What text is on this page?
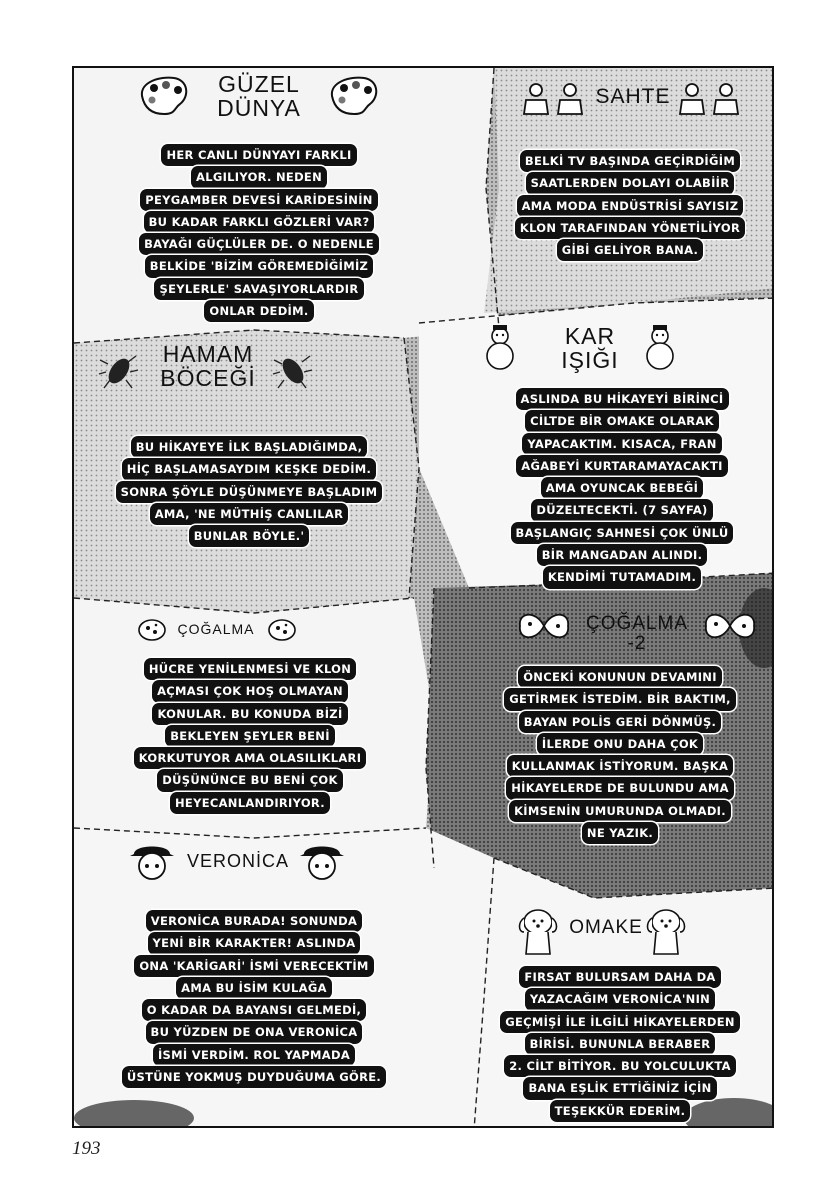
GÜZEL
DÜNYA
HER CANLI DÜNYAYI FARKLI
ALGILIYOR. NEDEN
PEYGAMBER DEVESİ KARİDESİNİN
BU KADAR FARKLI GÖZLERİ VAR?
BAYAĞI GÜÇLÜLER DE. O NEDENLE
BELKİDE 'BİZİM GÖREMEDİĞİMİZ
ŞEYLERLE' SAVAŞIYORLARDIR
ONLAR DEDİM.
SAHTE
BELKİ TV BAŞINDA GEÇİRDİĞİM
SAATLERDEN DOLAYI OLABİİR
AMA MODA ENDÜSTRİSİ SAYISIZ
KLON TARAFINDAN YÖNETİLİYOR
GİBİ GELİYOR BANA.
HAMAM
BÖCEĞİ
BU HİKAYEYE İLK BAŞLADIĞIMDA,
HİÇ BAŞLAMASAYDIM KEŞKE DEDİM.
SONRA ŞÖYLE DÜŞÜNMEYE BAŞLADIM
AMA, 'NE MÜTHİŞ CANLILAR
BUNLAR BÖYLE.'
KAR
IŞIĞI
ASLINDA BU HİKAYEYİ BİRİNCİ
CİLTDE BİR OMAKE OLARAK
YAPACAKTIM. KISACA, FRAN
AĞABEYİ KURTARAMAYACAKTI
AMA OYUNCAK BEBEĞİ
DÜZELTECEKTİ. (7 SAYFA)
BAŞLANGIÇ SAHNESİ ÇOK ÜNLÜ
BİR MANGADAN ALINDI.
KENDİMİ TUTAMADIM.
ÇOĞALMA
HÜCRE YENİLENMESİ VE KLON
AÇMASI ÇOK HOŞ OLMAYAN
KONULAR. BU KONUDA BİZİ
BEKLEYEN ŞEYLER BENİ
KORKUTUYOR AMA OLASILIKLARI
DÜŞÜNÜNCE BU BENİ ÇOK
HEYECANLANDIRIYOR.
ÇOĞALMA
-2
ÖNCEKİ KONUNUN DEVAMINI
GETİRMEK İSTEDİM. BİR BAKTIM,
BAYAN POLİS GERİ DÖNMÜŞ.
İLERDE ONU DAHA ÇOK
KULLANMAK İSTİYORUM. BAŞKA
HİKAYELERDE DE BULUNDU AMA
KİMSENİN UMURUNDA OLMADI.
NE YAZIK.
VERONİCA
VERONİCA BURADA! SONUNDA
YENİ BİR KARAKTER! ASLINDA
ONA 'KARİGARİ' İSMİ VERECEKTİM
AMA BU İSİM KULAĞA
O KADAR DA BAYANSI GELMEDİ,
BU YÜZDEN DE ONA VERONİCA
İSMİ VERDİM. ROL YAPMADA
ÜSTÜNE YOKMUŞ DUYDUĞUMA GÖRE.
OMAKE
FIRSAT BULURSAM DAHA DA
YAZACAĞIM VERONİCA'NIN
GEÇMİŞİ İLE İLGİLİ HİKAYELERDEN
BİRİSİ. BUNUNLA BERABER
2. CİLT BİTİYOR. BU YOLCULUKTA
BANA EŞLİK ETTİĞİNİZ İÇİN
TEŞEKKÜR EDERİM.
193
